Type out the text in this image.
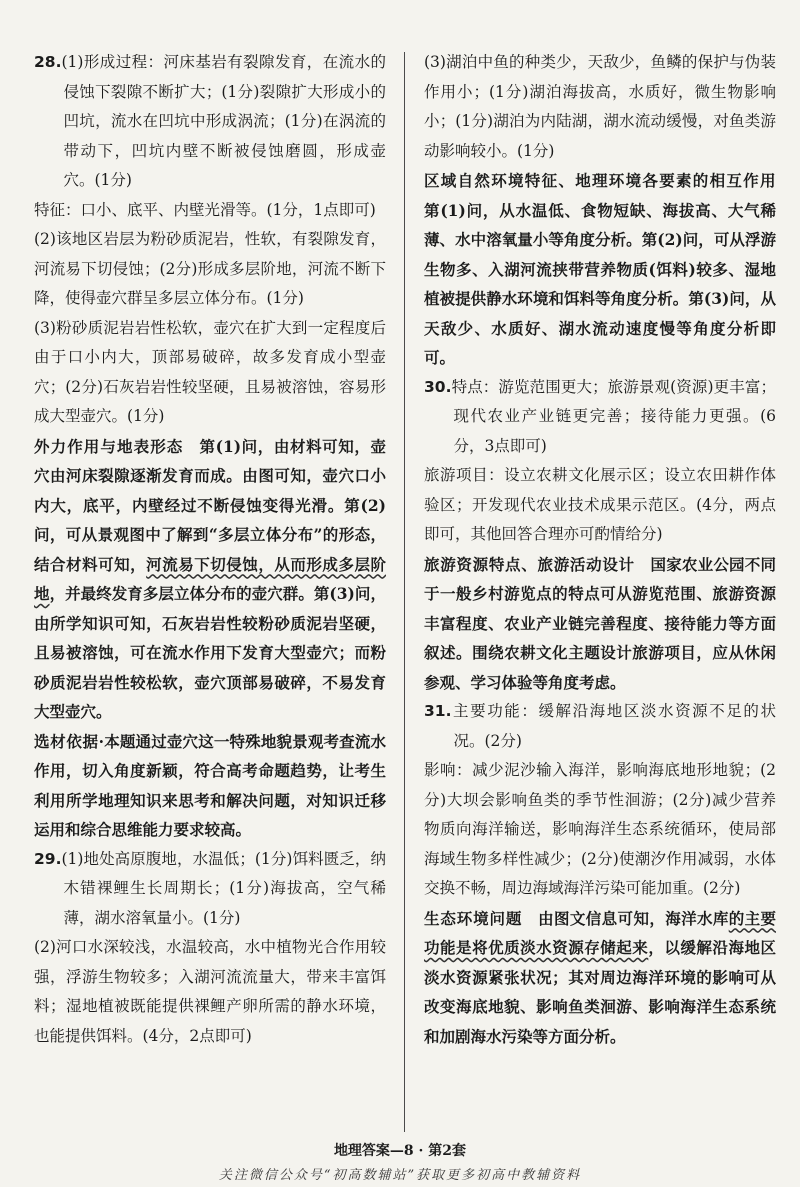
28.(1)形成过程：河床基岩有裂隙发育，在流水的侵蚀下裂隙不断扩大；(1分)裂隙扩大形成小的凹坑，流水在凹坑中形成涡流；(1分)在涡流的带动下，凹坑内壁不断被侵蚀磨圆，形成壶穴。(1分)

特征：口小、底平、内壁光滑等。(1分，1点即可)

(2)该地区岩层为粉砂质泥岩，性软，有裂隙发育，河流易下切侵蚀；(2分)形成多层阶地，河流不断下降，使得壶穴群呈多层立体分布。(1分)

(3)粉砂质泥岩岩性松软，壶穴在扩大到一定程度后由于口小内大，顶部易破碎，故多发育成小型壶穴；(2分)石灰岩岩性较坚硬，且易被溶蚀，容易形成大型壶穴。(1分)

外力作用与地表形态　 第(1)问，由材料可知，壶穴由河床裂隙逐渐发育而成。由图可知，壶穴口小内大，底平，内壁经过不断侵蚀变得光滑。第(2)问，可从景观图中了解到“多层立体分布”的形态，结合材料可知，河流易下切侵蚀，从而形成多层阶地，并最终发育多层立体分布的壶穴群。第(3)问，由所学知识可知，石灰岩岩性较粉砂质泥岩坚硬，且易被溶蚀，可在流水作用下发育大型壶穴；而粉砂质泥岩岩性较松软，壶穴顶部易破碎，不易发育大型壶穴。

选材依据·本题通过壶穴这一特殊地貌景观考查流水作用，切入角度新颖，符合高考命题趋势，让考生利用所学地理知识来思考和解决问题，对知识迁移运用和综合思维能力要求较高。

29.(1)地处高原腹地，水温低；(1分)饵料匮乏，纳木错裸鲤生长周期长；(1分)海拔高，空气稀薄，湖水溶氧量小。(1分)

(2)河口水深较浅，水温较高，水中植物光合作用较强，浮游生物较多；入湖河流流量大，带来丰富饵料；湿地植被既能提供裸鲤产卵所需的静水环境，也能提供饵料。(4分，2点即可)

(3)湖泊中鱼的种类少，天敌少，鱼鳞的保护与伪装作用小；(1分)湖泊海拔高，水质好，微生物影响小；(1分)湖泊为内陆湖，湖水流动缓慢，对鱼类游动影响较小。(1分)

区域自然环境特征、地理环境各要素的相互作用　第(1)问，从水温低、食物短缺、海拔高、大气稀薄、水中溶氧量小等角度分析。第(2)问，可从浮游生物多、入湖河流挟带营养物质(饵料)较多、湿地植被提供静水环境和饵料等角度分析。第(3)问，从天敌少、水质好、湖水流动速度慢等角度分析即可。

30.特点：游览范围更大；旅游景观(资源)更丰富；现代农业产业链更完善；接待能力更强。(6分，3点即可)

旅游项目：设立农耕文化展示区；设立农田耕作体验区；开发现代农业技术成果示范区。(4分，两点即可，其他回答合理亦可酌情给分)

旅游资源特点、旅游活动设计　 国家农业公园不同于一般乡村游览点的特点可从游览范围、旅游资源丰富程度、农业产业链完善程度、接待能力等方面叙述。围绕农耕文化主题设计旅游项目，应从休闲参观、学习体验等角度考虑。

31.主要功能：缓解沿海地区淡水资源不足的状况。(2分)

影响：减少泥沙输入海洋，影响海底地形地貌；(2分)大坝会影响鱼类的季节性洄游；(2分)减少营养物质向海洋输送，影响海洋生态系统循环，使局部海域生物多样性减少；(2分)使潮汐作用减弱，水体交换不畅，周边海域海洋污染可能加重。(2分)

生态环境问题　 由图文信息可知，海洋水库的主要功能是将优质淡水资源存储起来，以缓解沿海地区淡水资源紧张状况；其对周边海洋环境的影响可从改变海底地貌、影响鱼类洄游、影响海洋生态系统和加剧海水污染等方面分析。

地理答案—8 · 第2套
关注微信公众号“初高数辅站”获取更多初高中教辅资料
